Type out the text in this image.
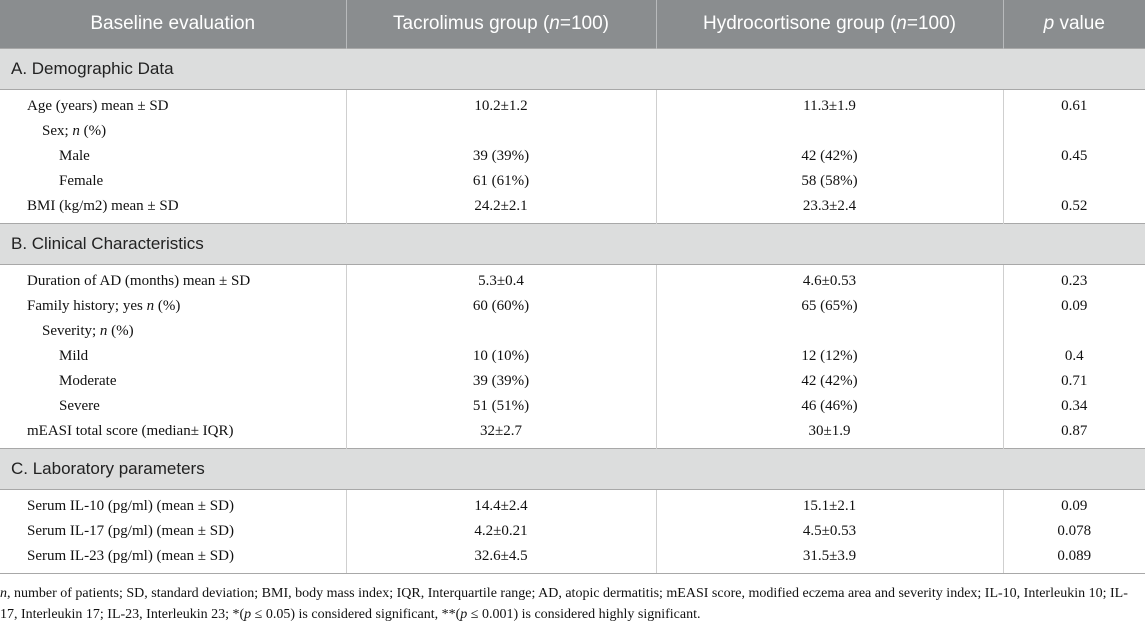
Baseline evaluation	Tacrolimus group (n=100)	Hydrocortisone group (n=100)	p value
A. Demographic Data			
Age (years) mean ± SD	10.2±1.2	11.3±1.9	0.61
Sex; n (%)			
Male	39 (39%)	42 (42%)	0.45
Female	61 (61%)	58 (58%)	
BMI (kg/m2) mean ± SD	24.2±2.1	23.3±2.4	0.52
B. Clinical Characteristics			
Duration of AD (months) mean ± SD	5.3±0.4	4.6±0.53	0.23
Family history; yes n (%)	60 (60%)	65 (65%)	0.09
Severity; n (%)			
Mild	10 (10%)	12 (12%)	0.4
Moderate	39 (39%)	42 (42%)	0.71
Severe	51 (51%)	46 (46%)	0.34
mEASI total score (median± IQR)	32±2.7	30±1.9	0.87
C. Laboratory parameters			
Serum IL-10 (pg/ml) (mean ± SD)	14.4±2.4	15.1±2.1	0.09
Serum IL-17 (pg/ml) (mean ± SD)	4.2±0.21	4.5±0.53	0.078
Serum IL-23 (pg/ml) (mean ± SD)	32.6±4.5	31.5±3.9	0.089
n, number of patients; SD, standard deviation; BMI, body mass index; IQR, Interquartile range; AD, atopic dermatitis; mEASI score, modified eczema area and severity index; IL-10, Interleukin 10; IL-17, Interleukin 17; IL-23, Interleukin 23; *(p ≤ 0.05) is considered significant, **(p ≤ 0.001) is considered highly significant.
